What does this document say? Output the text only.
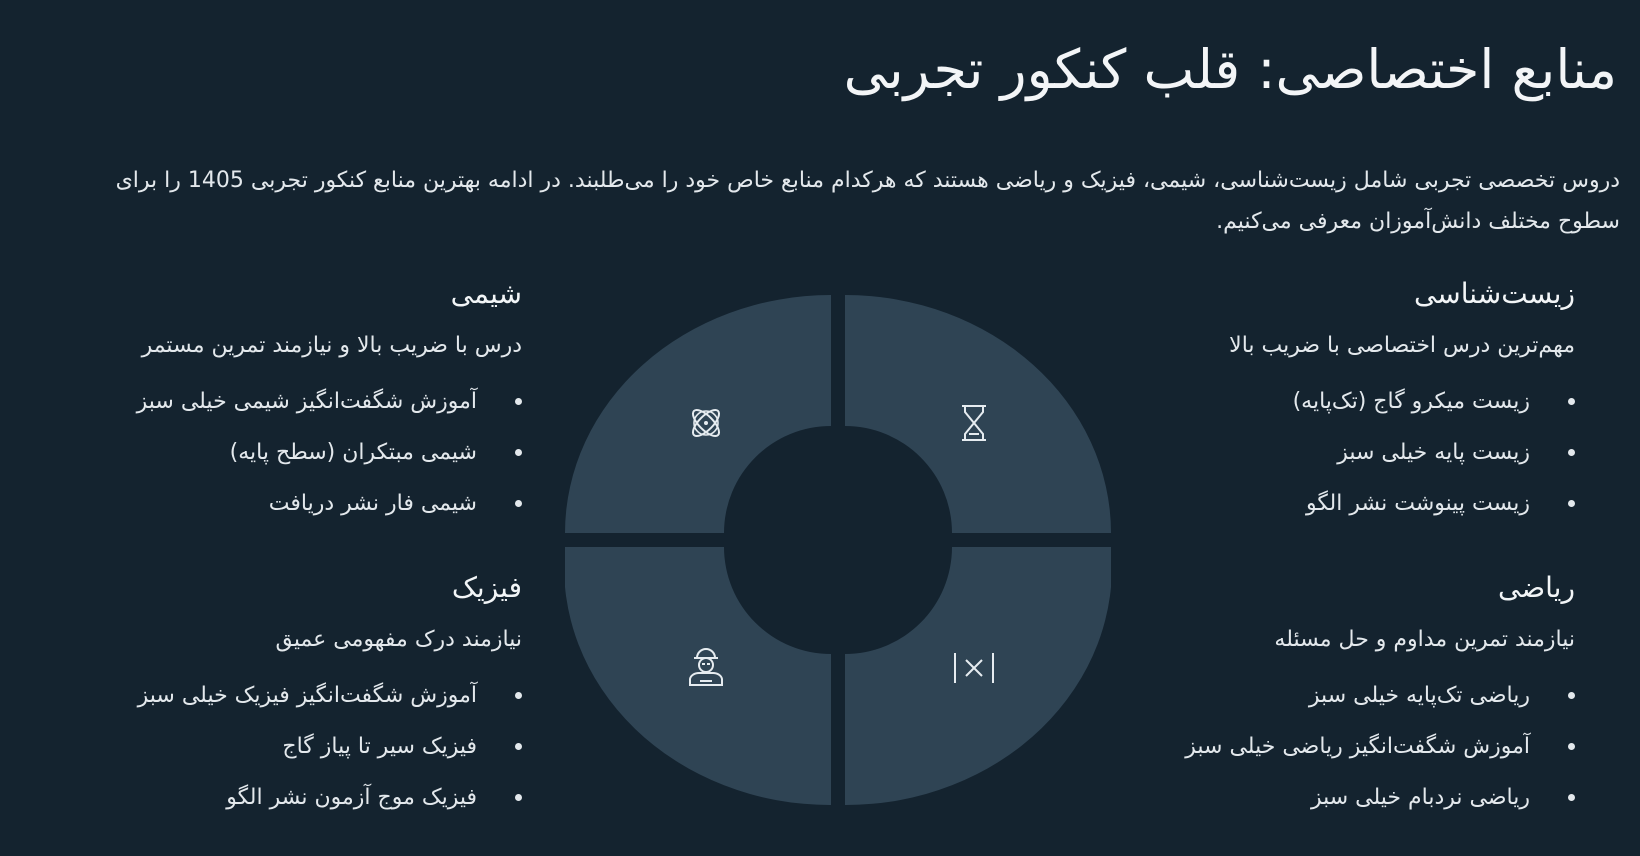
منابع اختصاصی: قلب کنکور تجربی

دروس تخصصی تجربی شامل زیست‌شناسی، شیمی، فیزیک و ریاضی هستند که هرکدام منابع خاص خود را می‌طلبند. در ادامه بهترین منابع کنکور تجربی 1405 را برای سطوح مختلف دانش‌آموزان معرفی می‌کنیم.

زیست‌شناسی

مهم‌ترین درس اختصاصی با ضریب بالا

زیست میکرو گاج (تک‌پایه)
زیست پایه خیلی سبز
زیست پینوشت نشر الگو
شیمی

درس با ضریب بالا و نیازمند تمرین مستمر

آموزش شگفت‌انگیز شیمی خیلی سبز
شیمی مبتکران (سطح پایه)
شیمی فار نشر دریافت
ریاضی

نیازمند تمرین مداوم و حل مسئله

ریاضی تک‌پایه خیلی سبز
آموزش شگفت‌انگیز ریاضی خیلی سبز
ریاضی نردبام خیلی سبز
فیزیک

نیازمند درک مفهومی عمیق

آموزش شگفت‌انگیز فیزیک خیلی سبز
فیزیک سیر تا پیاز گاج
فیزیک موج آزمون نشر الگو
